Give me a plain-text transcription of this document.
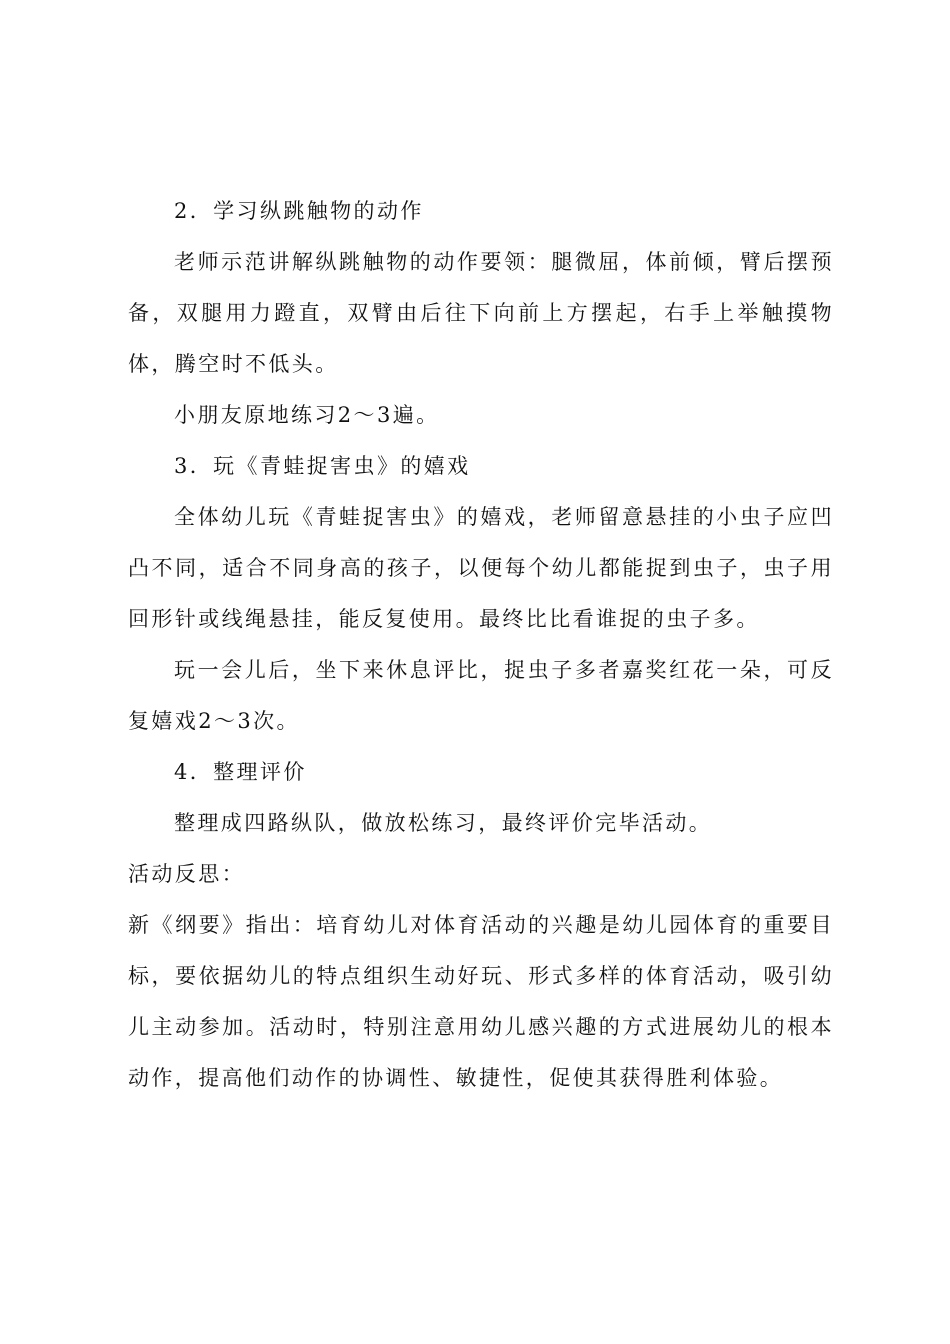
2．学习纵跳触物的动作

老师示范讲解纵跳触物的动作要领：腿微屈，体前倾，臂后摆预备，双腿用力蹬直，双臂由后往下向前上方摆起，右手上举触摸物体，腾空时不低头。

小朋友原地练习2～3遍。

3．玩《青蛙捉害虫》的嬉戏

全体幼儿玩《青蛙捉害虫》的嬉戏，老师留意悬挂的小虫子应凹凸不同，适合不同身高的孩子，以便每个幼儿都能捉到虫子，虫子用回形针或线绳悬挂，能反复使用。最终比比看谁捉的虫子多。

玩一会儿后，坐下来休息评比，捉虫子多者嘉奖红花一朵，可反复嬉戏2～3次。

4．整理评价

整理成四路纵队，做放松练习，最终评价完毕活动。

活动反思：

新《纲要》指出：培育幼儿对体育活动的兴趣是幼儿园体育的重要目标，要依据幼儿的特点组织生动好玩、形式多样的体育活动，吸引幼儿主动参加。活动时，特别注意用幼儿感兴趣的方式进展幼儿的根本动作，提高他们动作的协调性、敏捷性，促使其获得胜利体验。
